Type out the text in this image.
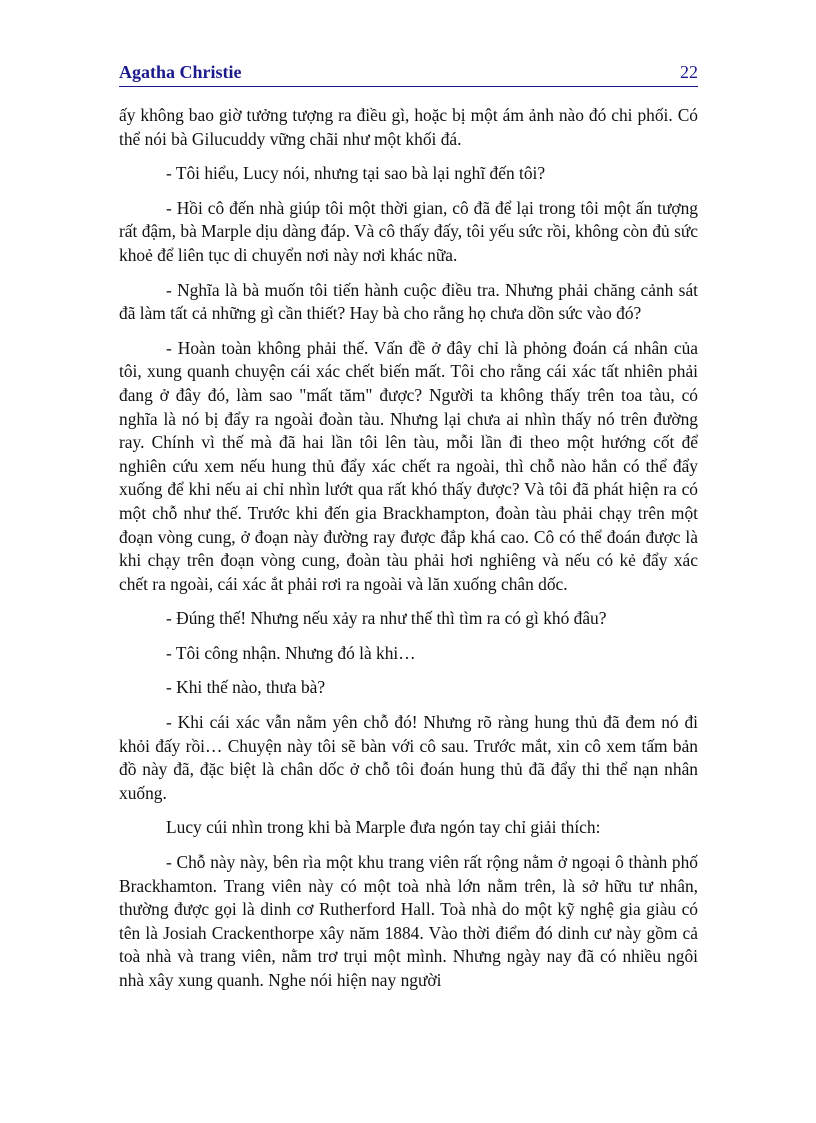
Agatha Christie	22

ấy không bao giờ tưởng tượng ra điều gì, hoặc bị một ám ảnh nào đó chi phối. Có thể nói bà Gilucuddy vững chãi như một khối đá.

- Tôi hiểu, Lucy nói, nhưng tại sao bà lại nghĩ đến tôi?

- Hồi cô đến nhà giúp tôi một thời gian, cô đã để lại trong tôi một ấn tượng rất đậm, bà Marple dịu dàng đáp. Và cô thấy đấy, tôi yếu sức rồi, không còn đủ sức khoẻ để liên tục di chuyển nơi này nơi khác nữa.

- Nghĩa là bà muốn tôi tiến hành cuộc điều tra. Nhưng phải chăng cảnh sát đã làm tất cả những gì cần thiết? Hay bà cho rằng họ chưa dồn sức vào đó?

- Hoàn toàn không phải thế. Vấn đề ở đây chỉ là phỏng đoán cá nhân của tôi, xung quanh chuyện cái xác chết biến mất. Tôi cho rằng cái xác tất nhiên phải đang ở đây đó, làm sao "mất tăm" được? Người ta không thấy trên toa tàu, có nghĩa là nó bị đẩy ra ngoài đoàn tàu. Nhưng lại chưa ai nhìn thấy nó trên đường ray. Chính vì thế mà đã hai lần tôi lên tàu, mỗi lần đi theo một hướng cốt để nghiên cứu xem nếu hung thủ đẩy xác chết ra ngoài, thì chỗ nào hắn có thể đẩy xuống để khi nếu ai chỉ nhìn lướt qua rất khó thấy được? Và tôi đã phát hiện ra có một chỗ như thế. Trước khi đến gia Brackhampton, đoàn tàu phải chạy trên một đoạn vòng cung, ở đoạn này đường ray được đắp khá cao. Cô có thể đoán được là khi chạy trên đoạn vòng cung, đoàn tàu phải hơi nghiêng và nếu có kẻ đẩy xác chết ra ngoài, cái xác ắt phải rơi ra ngoài và lăn xuống chân dốc.

- Đúng thế! Nhưng nếu xảy ra như thế thì tìm ra có gì khó đâu?

- Tôi công nhận. Nhưng đó là khi…

- Khi thế nào, thưa bà?

- Khi cái xác vẫn nằm yên chỗ đó! Nhưng rõ ràng hung thủ đã đem nó đi khỏi đấy rồi… Chuyện này tôi sẽ bàn với cô sau. Trước mắt, xin cô xem tấm bản đồ này đã, đặc biệt là chân dốc ở chỗ tôi đoán hung thủ đã đẩy thi thể nạn nhân xuống.

Lucy cúi nhìn trong khi bà Marple đưa ngón tay chỉ giải thích:

- Chỗ này này, bên rìa một khu trang viên rất rộng nằm ở ngoại ô thành phố Brackhamton. Trang viên này có một toà nhà lớn nằm trên, là sở hữu tư nhân, thường được gọi là dinh cơ Rutherford Hall. Toà nhà do một kỹ nghệ gia giàu có tên là Josiah Crackenthorpe xây năm 1884. Vào thời điểm đó dinh cư này gồm cả toà nhà và trang viên, nằm trơ trụi một mình. Nhưng ngày nay đã có nhiều ngôi nhà xây xung quanh. Nghe nói hiện nay người
